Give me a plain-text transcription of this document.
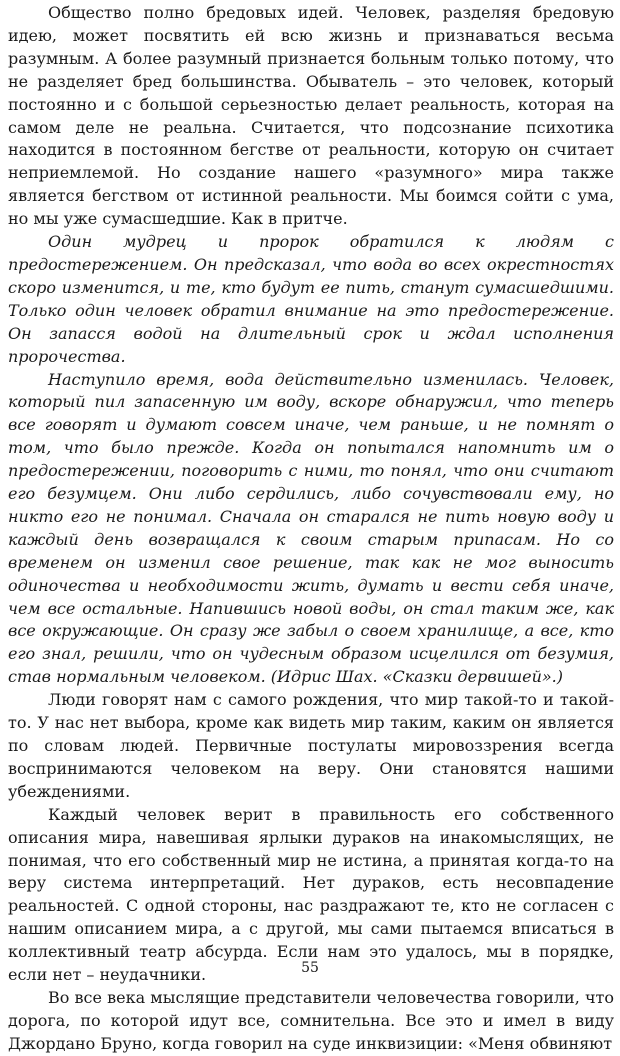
Общество полно бредовых идей. Человек, разделяя бредовую идею, может посвятить ей всю жизнь и признаваться весьма разумным. А более разумный признается больным только потому, что не разделяет бред большинства. Обыватель – это человек, который постоянно и с большой серьезностью делает реальность, которая на самом деле не реальна. Считается, что подсознание психотика находится в постоянном бегстве от реальности, которую он считает неприемлемой. Но создание нашего «разумного» мира также является бегством от истинной реальности. Мы боимся сойти с ума, но мы уже сумасшедшие. Как в притче.

Один мудрец и пророк обратился к людям с предостережением. Он предсказал, что вода во всех окрестностях скоро изменится, и те, кто будут ее пить, станут сумасшедшими. Только один человек обратил внимание на это предостережение. Он запасся водой на длительный срок и ждал исполнения пророчества.

Наступило время, вода действительно изменилась. Человек, который пил запасенную им воду, вскоре обнаружил, что теперь все говорят и думают совсем иначе, чем раньше, и не помнят о том, что было прежде. Когда он попытался напомнить им о предостережении, поговорить с ними, то понял, что они считают его безумцем. Они либо сердились, либо сочувствовали ему, но никто его не понимал. Сначала он старался не пить новую воду и каждый день возвращался к своим старым припасам. Но со временем он изменил свое решение, так как не мог выносить одиночества и необходимости жить, думать и вести себя иначе, чем все остальные. Напившись новой воды, он стал таким же, как все окружающие. Он сразу же забыл о своем хранилище, а все, кто его знал, решили, что он чудесным образом исцелился от безумия, став нормальным человеком. (Идрис Шах. «Сказки дервишей».)

Люди говорят нам с самого рождения, что мир такой-то и такой-то. У нас нет выбора, кроме как видеть мир таким, каким он является по словам людей. Первичные постулаты мировоззрения всегда воспринимаются человеком на веру. Они становятся нашими убеждениями.

Каждый человек верит в правильность его собственного описания мира, навешивая ярлыки дураков на инакомыслящих, не понимая, что его собственный мир не истина, а принятая когда-то на веру система интерпретаций. Нет дураков, есть несовпадение реальностей. С одной стороны, нас раздражают те, кто не согласен с нашим описанием мира, а с другой, мы сами пытаемся вписаться в коллективный театр абсурда. Если нам это удалось, мы в порядке, если нет – неудачники.

Во все века мыслящие представители человечества говорили, что дорога, по которой идут все, сомнительна. Все это и имел в виду Джордано Бруно, когда говорил на суде инквизиции: «Меня обвиняют

55
